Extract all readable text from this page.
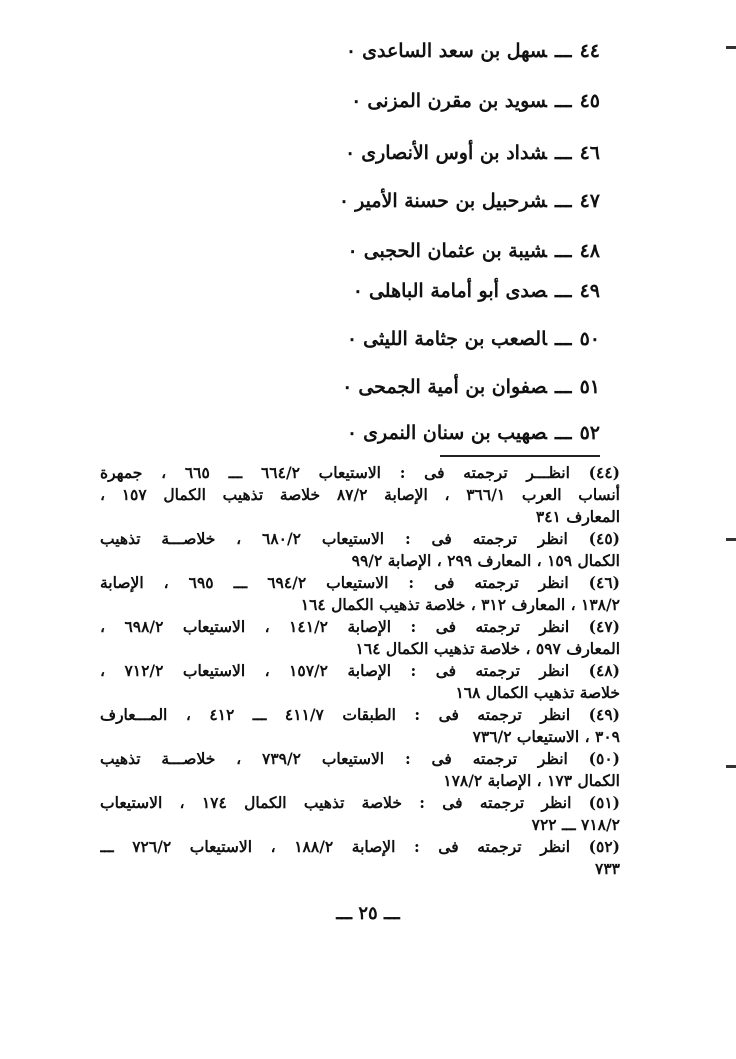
٤٤ـــسهل بن سعد الساعدى٠
٤٥ـــسويد بن مقرن المزنى٠
٤٦ـــشداد بن أوس الأنصارى٠
٤٧ـــشرحبيل بن حسنة الأمير٠
٤٨ـــشيبة بن عثمان الحجبى٠
٤٩ـــصدى أبو أمامة الباهلى٠
٥٠ـــالصعب بن جثامة الليثى٠
٥١ـــصفوان بن أمية الجمحى٠
٥٢ـــصهيب بن سنان النمرى٠
(٤٤) انظـــر ترجمته فى : الاستيعاب ٦٦٤/٢ ـــ ٦٦٥ ، جمهرة
أنساب العرب ٣٦٦/١ ، الإصابة ٨٧/٢ خلاصة تذهيب الكمال ١٥٧ ،
المعارف ٣٤١
(٤٥) انظر ترجمته فى : الاستيعاب ٦٨٠/٢ ، خلاصـــة تذهيب
الكمال ١٥٩ ، المعارف ٢٩٩ ، الإصابة ٩٩/٢
(٤٦) انظر ترجمته فى : الاستيعاب ٦٩٤/٢ ـــ ٦٩٥ ، الإصابة
١٣٨/٢ ، المعارف ٣١٢ ، خلاصة تذهيب الكمال ١٦٤
(٤٧) انظر ترجمته فى : الإصابة ١٤١/٢ ، الاستيعاب ٦٩٨/٢ ،
المعارف ٥٩٧ ، خلاصة تذهيب الكمال ١٦٤
(٤٨) انظر ترجمته فى : الإصابة ١٥٧/٢ ، الاستيعاب ٧١٢/٢ ،
خلاصة تذهيب الكمال ١٦٨
(٤٩) انظر ترجمته فى : الطبقات ٤١١/٧ ـــ ٤١٢ ، المـــعارف
٣٠٩ ، الاستيعاب ٧٣٦/٢
(٥٠) انظر ترجمته فى : الاستيعاب ٧٣٩/٢ ، خلاصـــة تذهيب
الكمال ١٧٣ ، الإصابة ١٧٨/٢
(٥١) انظر ترجمته فى : خلاصة تذهيب الكمال ١٧٤ ، الاستيعاب
٧١٨/٢ ـــ ٧٢٢
(٥٢) انظر ترجمته فى : الإصابة ١٨٨/٢ ، الاستيعاب ٧٢٦/٢ ـــ
٧٣٣
ـــ ٢٥ ـــ
